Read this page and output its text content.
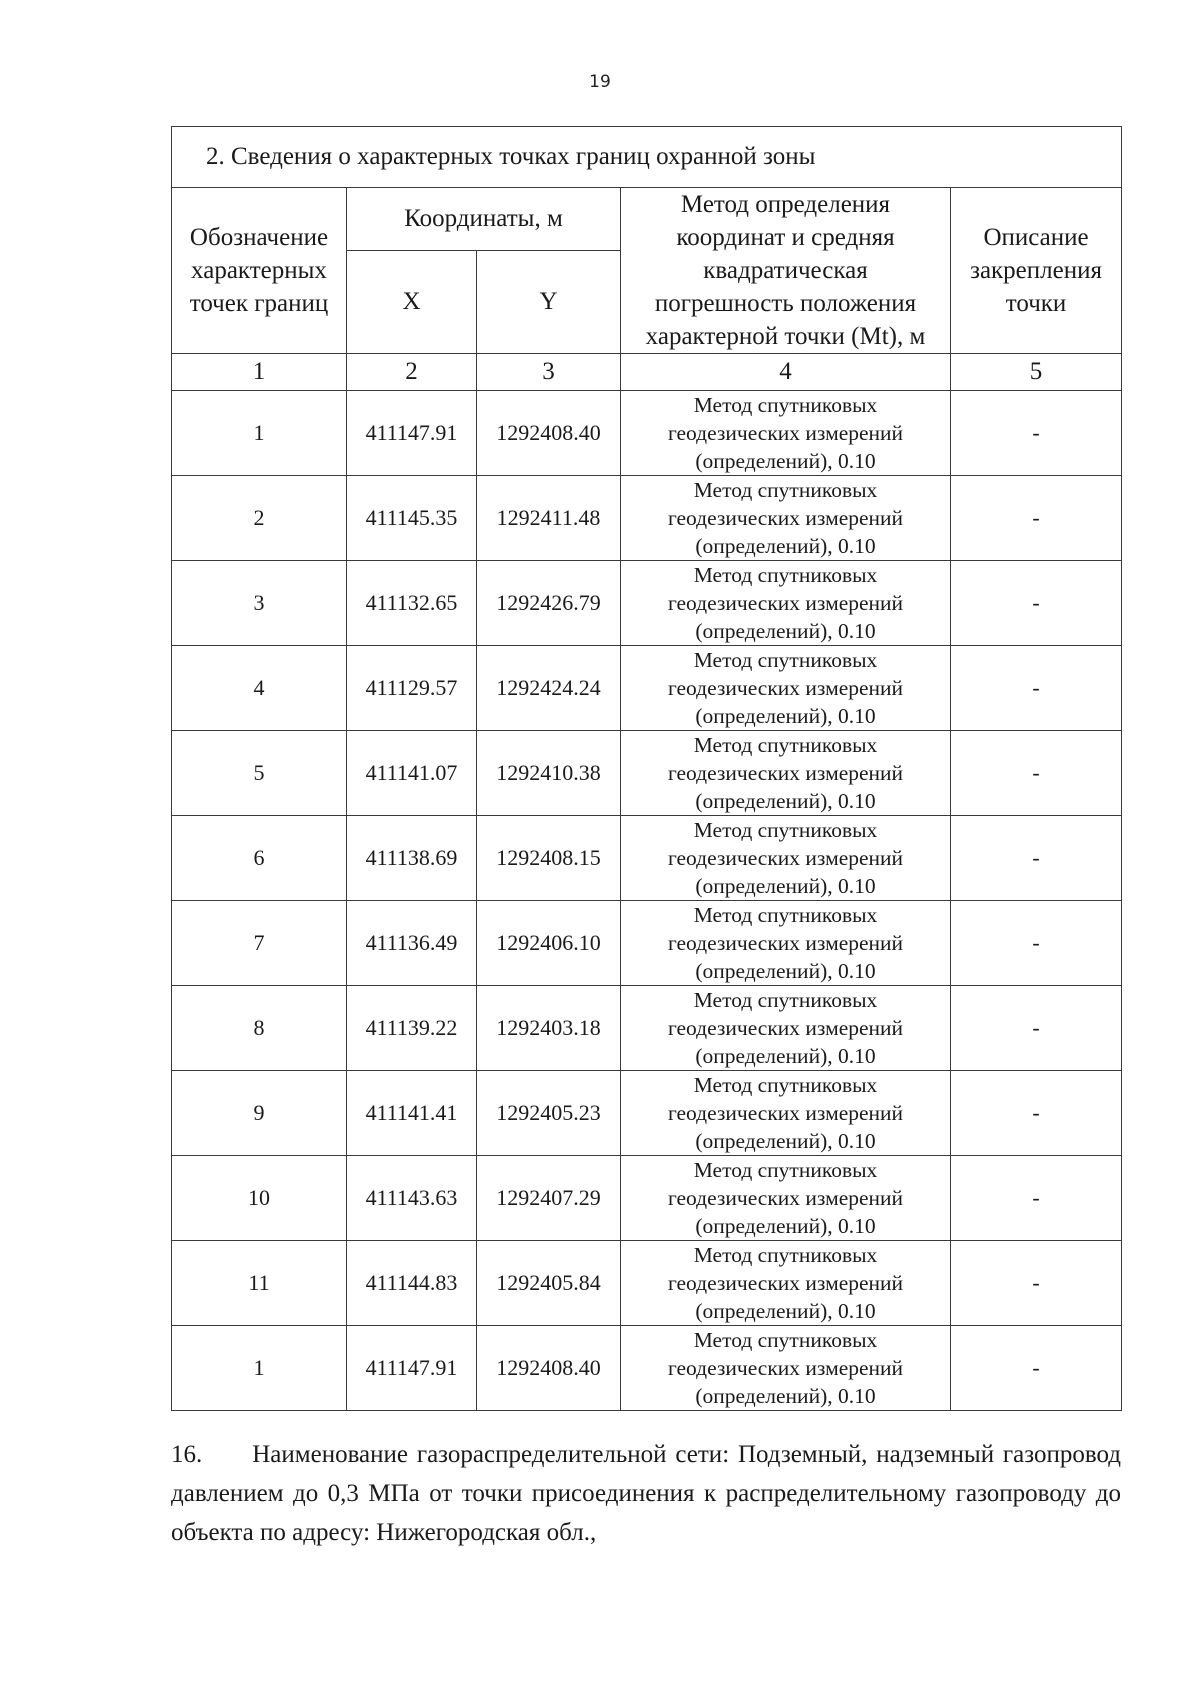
19
2. Сведения о характерных точках границ охранной зоны				
Обозначение
характерных
точек границ	Координаты, м		Метод определения
координат и средняя
квадратическая
погрешность положения
характерной точки (Mt), м	Описание
закрепления
точки
	X	Y		
1	2	3	4	5
1	411147.91	1292408.40	Метод спутниковых
геодезических измерений
(определений), 0.10	-
2	411145.35	1292411.48	Метод спутниковых
геодезических измерений
(определений), 0.10	-
3	411132.65	1292426.79	Метод спутниковых
геодезических измерений
(определений), 0.10	-
4	411129.57	1292424.24	Метод спутниковых
геодезических измерений
(определений), 0.10	-
5	411141.07	1292410.38	Метод спутниковых
геодезических измерений
(определений), 0.10	-
6	411138.69	1292408.15	Метод спутниковых
геодезических измерений
(определений), 0.10	-
7	411136.49	1292406.10	Метод спутниковых
геодезических измерений
(определений), 0.10	-
8	411139.22	1292403.18	Метод спутниковых
геодезических измерений
(определений), 0.10	-
9	411141.41	1292405.23	Метод спутниковых
геодезических измерений
(определений), 0.10	-
10	411143.63	1292407.29	Метод спутниковых
геодезических измерений
(определений), 0.10	-
11	411144.83	1292405.84	Метод спутниковых
геодезических измерений
(определений), 0.10	-
1	411147.91	1292408.40	Метод спутниковых
геодезических измерений
(определений), 0.10	-

16.  Наименование газораспределительной сети: Подземный, надземный газопровод давлением до 0,3 МПа от точки присоединения к распределительному газопроводу до объекта по адресу: Нижегородская обл.,
